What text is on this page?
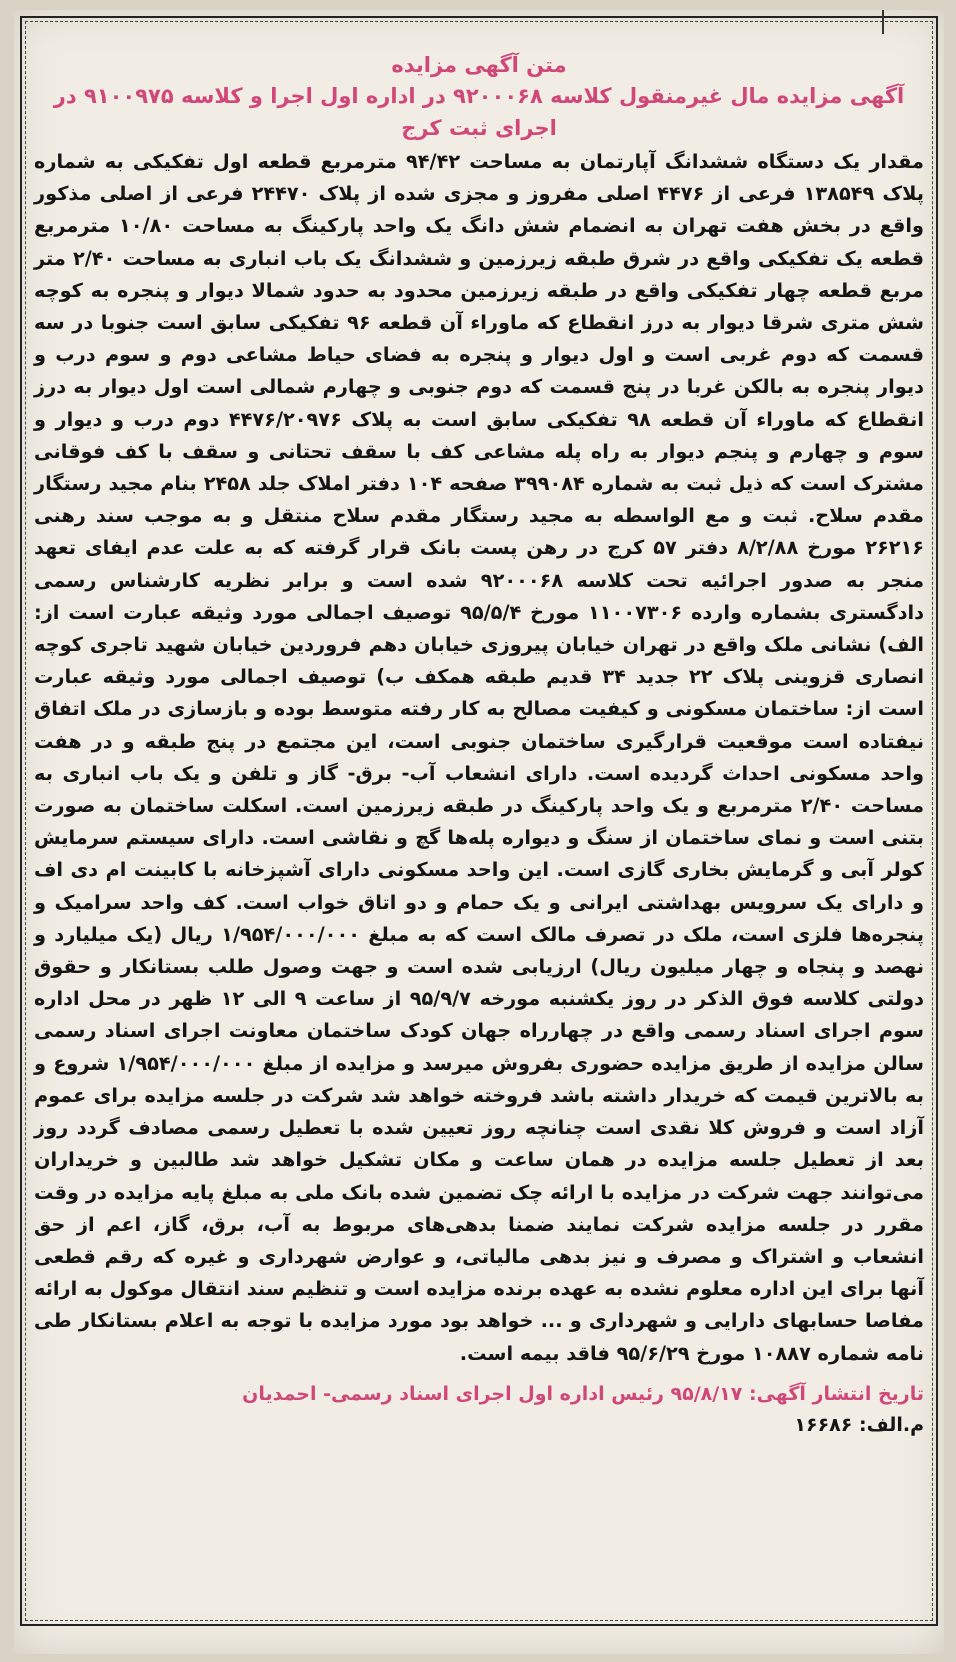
متن آگهی مزایده
آگهی مزایده مال غیرمنقول کلاسه ۹۲۰۰۰۶۸ در اداره اول اجرا و کلاسه ۹۱۰۰۹۷۵ در اجرای ثبت کرج
مقدار یک دستگاه ششدانگ آپارتمان به مساحت ۹۴/۴۲ مترمربع قطعه اول تفکیکی به شماره پلاک ۱۳۸۵۴۹ فرعی از ۴۴۷۶ اصلی مفروز و مجزی شده از پلاک ۲۴۴۷۰ فرعی از اصلی مذکور واقع در بخش هفت تهران به انضمام شش دانگ یک واحد پارکینگ به مساحت ۱۰/۸۰ مترمربع قطعه یک تفکیکی واقع در شرق طبقه زیرزمین و ششدانگ یک باب انباری به مساحت ۲/۴۰ متر مربع قطعه چهار تفکیکی واقع در طبقه زیرزمین محدود به حدود شمالا دیوار و پنجره به کوچه شش متری شرقا دیوار به درز انقطاع که ماوراء آن قطعه ۹۶ تفکیکی سابق است جنوبا در سه قسمت که دوم غربی است و اول دیوار و پنجره به فضای حیاط مشاعی دوم و سوم درب و دیوار پنجره به بالکن غربا در پنج قسمت که دوم جنوبی و چهارم شمالی است اول دیوار به درز انقطاع که ماوراء آن قطعه ۹۸ تفکیکی سابق است به پلاک ۴۴۷۶/۲۰۹۷۶ دوم درب و دیوار و سوم و چهارم و پنجم دیوار به راه پله مشاعی کف با سقف تحتانی و سقف با کف فوقانی مشترک است که ذیل ثبت به شماره ۳۹۹۰۸۴ صفحه ۱۰۴ دفتر املاک جلد ۲۴۵۸ بنام مجید رستگار مقدم سلاح. ثبت و مع الواسطه به مجید رستگار مقدم سلاح منتقل و به موجب سند رهنی ۲۶۲۱۶ مورخ ۸/۲/۸۸ دفتر ۵۷ کرج در رهن پست بانک قرار گرفته که به علت عدم ایفای تعهد منجر به صدور اجرائیه تحت کلاسه ۹۲۰۰۰۶۸ شده است و برابر نظریه کارشناس رسمی دادگستری بشماره وارده ۱۱۰۰۷۳۰۶ مورخ ۹۵/۵/۴ توصیف اجمالی مورد وثیقه عبارت است از: الف) نشانی ملک واقع در تهران خیابان پیروزی خیابان دهم فروردین خیابان شهید تاجری کوچه انصاری قزوینی پلاک ۲۲ جدید ۳۴ قدیم طبقه همکف ب) توصیف اجمالی مورد وثیقه عبارت است از: ساختمان مسکونی و کیفیت مصالح به کار رفته متوسط بوده و بازسازی در ملک اتفاق نیفتاده است موقعیت قرارگیری ساختمان جنوبی است، این مجتمع در پنج طبقه و در هفت واحد مسکونی احداث گردیده است. دارای انشعاب آب- برق- گاز و تلفن و یک باب انباری به مساحت ۲/۴۰ مترمربع و یک واحد پارکینگ در طبقه زیرزمین است. اسکلت ساختمان به صورت بتنی است و نمای ساختمان از سنگ و دیواره پله‌ها گچ و نقاشی است. دارای سیستم سرمایش کولر آبی و گرمایش بخاری گازی است. این واحد مسکونی دارای آشپزخانه با کابینت ام دی اف و دارای یک سرویس بهداشتی ایرانی و یک حمام و دو اتاق خواب است. کف واحد سرامیک و پنجره‌ها فلزی است، ملک در تصرف مالک است که به مبلغ ۱/۹۵۴/۰۰۰/۰۰۰ ریال (یک میلیارد و نهصد و پنجاه و چهار میلیون ریال) ارزیابی شده است و جهت وصول طلب بستانکار و حقوق دولتی کلاسه فوق الذکر در روز یکشنبه مورخه ۹۵/۹/۷ از ساعت ۹ الی ۱۲ ظهر در محل اداره سوم اجرای اسناد رسمی واقع در چهارراه جهان کودک ساختمان معاونت اجرای اسناد رسمی سالن مزایده از طریق مزایده حضوری بفروش میرسد و مزایده از مبلغ ۱/۹۵۴/۰۰۰/۰۰۰ شروع و به بالاترین قیمت که خریدار داشته باشد فروخته خواهد شد شرکت در جلسه مزایده برای عموم آزاد است و فروش کلا نقدی است چنانچه روز تعیین شده با تعطیل رسمی مصادف گردد روز بعد از تعطیل جلسه مزایده در همان ساعت و مکان تشکیل خواهد شد طالبین و خریداران می‌توانند جهت شرکت در مزایده با ارائه چک تضمین شده بانک ملی به مبلغ پایه مزایده در وقت مقرر در جلسه مزایده شرکت نمایند ضمنا بدهی‌های مربوط به آب، برق، گاز، اعم از حق انشعاب و اشتراک و مصرف و نیز بدهی مالیاتی، و عوارض شهرداری و غیره که رقم قطعی آنها برای این اداره معلوم نشده به عهده برنده مزایده است و تنظیم سند انتقال موکول به ارائه مفاصا حسابهای دارایی و شهرداری و ... خواهد بود مورد مزایده با توجه به اعلام بستانکار طی نامه شماره ۱۰۸۸۷ مورخ ۹۵/۶/۲۹ فاقد بیمه است.
تاریخ انتشار آگهی: ۹۵/۸/۱۷ رئیس اداره اول اجرای اسناد رسمی- احمدیان
م.الف: ۱۶۶۸۶
